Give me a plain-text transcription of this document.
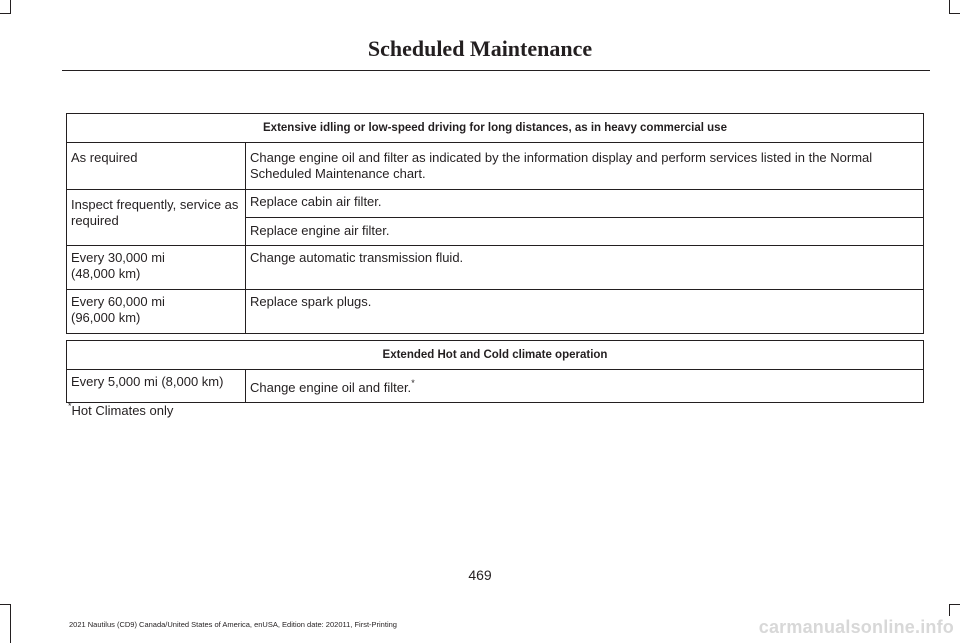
Scheduled Maintenance
Extensive idling or low-speed driving for long distances, as in heavy commercial use	
As required	Change engine oil and filter as indicated by the information display and perform services listed in the Normal Scheduled Maintenance chart.
Inspect frequently, service as required	Replace cabin air filter.
	Replace engine air filter.
Every 30,000 mi
(48,000 km)	Change automatic transmission fluid.
Every 60,000 mi
(96,000 km)	Replace spark plugs.
Extended Hot and Cold climate operation
Every 5,000 mi (8,000 km)	Change engine oil and filter.*
*Hot Climates only
469
2021 Nautilus (CD9) Canada/United States of America, enUSA, Edition date: 202011, First-Printing	carmanualsonline.info
